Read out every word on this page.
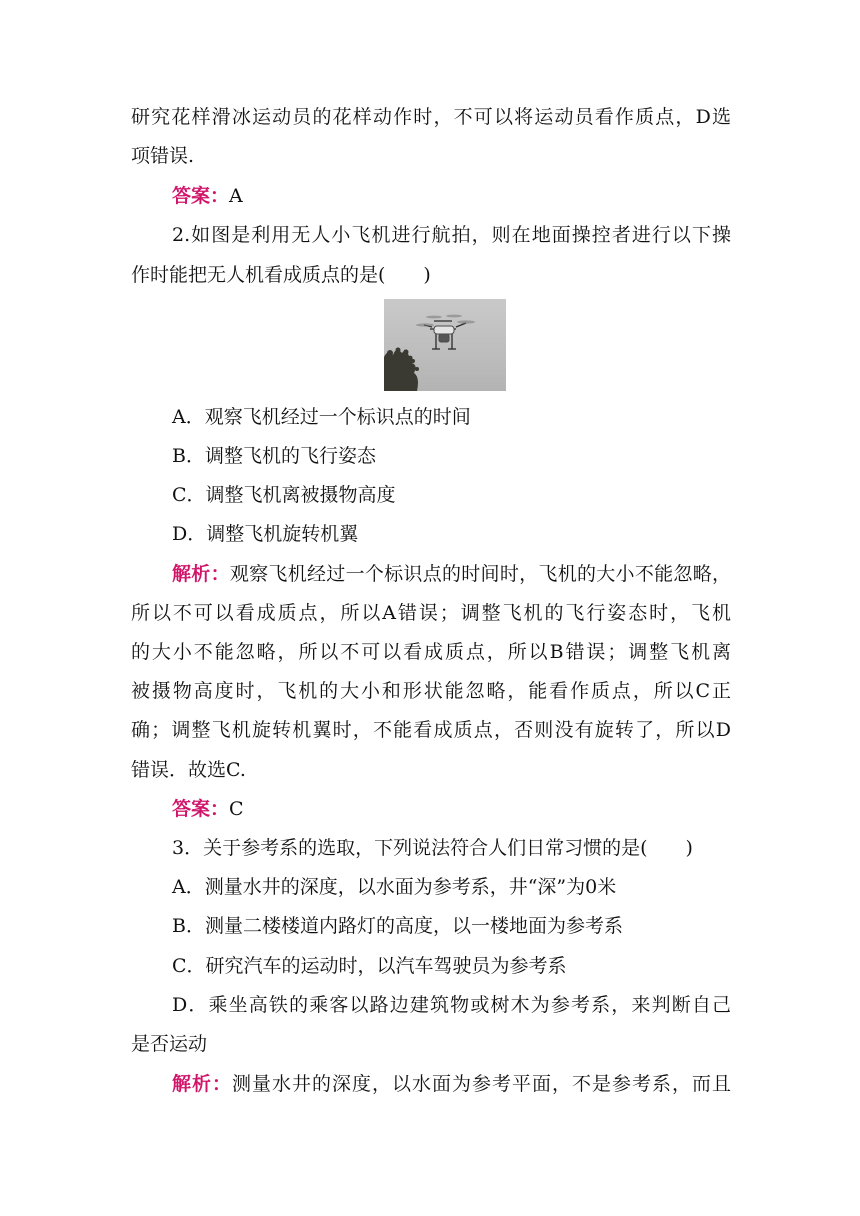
研究花样滑冰运动员的花样动作时，不可以将运动员看作质点，D选
项错误.
答案：A
2.如图是利用无人小飞机进行航拍，则在地面操控者进行以下操
作时能把无人机看成质点的是(　　)
A．观察飞机经过一个标识点的时间
B．调整飞机的飞行姿态
C．调整飞机离被摄物高度
D．调整飞机旋转机翼
解析：观察飞机经过一个标识点的时间时，飞机的大小不能忽略，
所以不可以看成质点，所以A错误；调整飞机的飞行姿态时，飞机
的大小不能忽略，所以不可以看成质点，所以B错误；调整飞机离
被摄物高度时，飞机的大小和形状能忽略，能看作质点，所以C正
确；调整飞机旋转机翼时，不能看成质点，否则没有旋转了，所以D
错误．故选C.
答案：C
3．关于参考系的选取，下列说法符合人们日常习惯的是(　　)
A．测量水井的深度，以水面为参考系，井“深”为0米
B．测量二楼楼道内路灯的高度，以一楼地面为参考系
C．研究汽车的运动时，以汽车驾驶员为参考系
D．乘坐高铁的乘客以路边建筑物或树木为参考系，来判断自己
是否运动
解析：测量水井的深度，以水面为参考平面，不是参考系，而且
